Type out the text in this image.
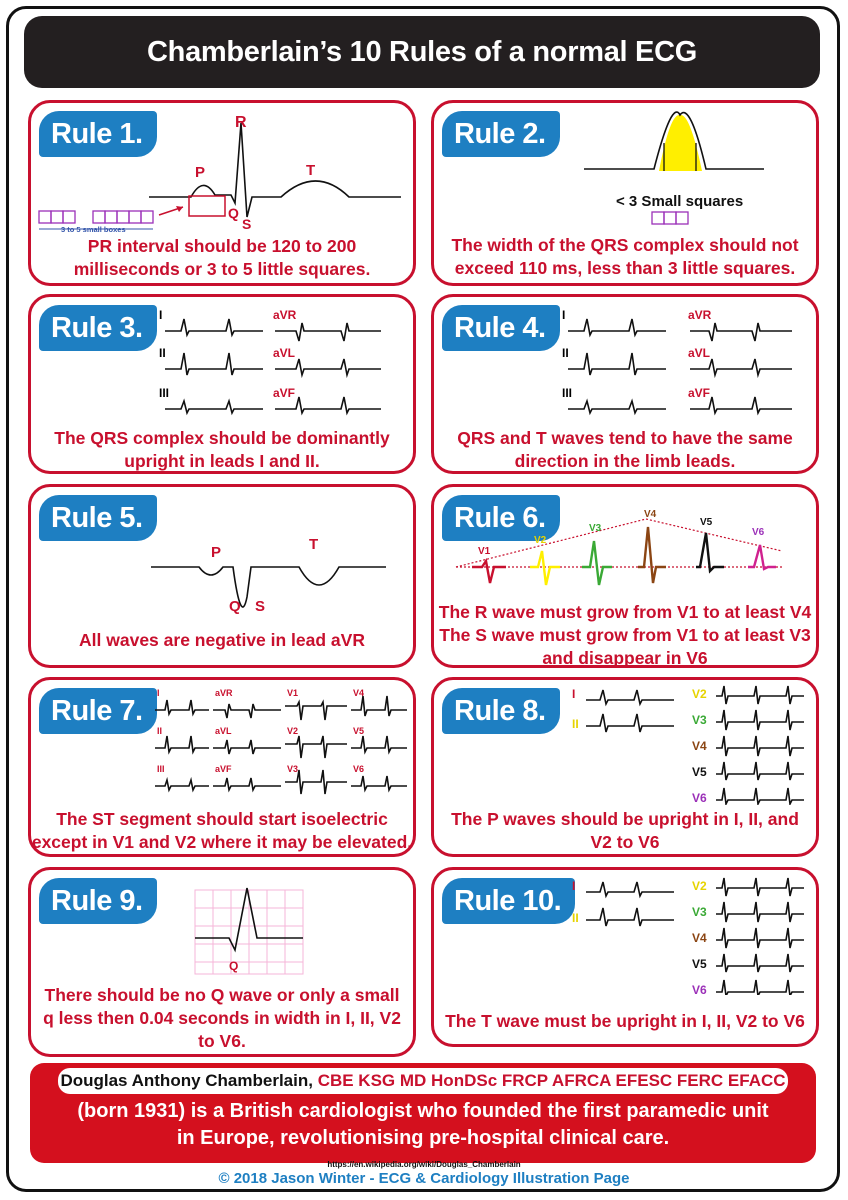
Chamberlain’s 10 Rules of a normal ECG
Rule 1.	R
P	T
Q
S
3 to 5 small boxes
PR interval should be 120 to 200
milliseconds or 3 to 5 little squares.
Rule 2.
< 3 Small squares
The width of the QRS complex should not
exceed 110 ms, less than 3 little squares.
Rule 3.	I
II
III
aVR
aVL
aVF
The QRS complex should be dominantly
upright in leads I and II.
Rule 4.	I
II
III
aVR
aVL
aVF
QRS and T waves tend to have the same
direction in the limb leads.
Rule 5.
P	T
Q S
All waves are negative in lead aVR
Rule 6.
V1
V2
V3
V4
V5
V6
The R wave must grow from V1 to at least V4
The S wave must grow from V1 to at least V3
and disappear in V6
Rule 7.
I
II
III
aVR
aVL
aVF
V1
V2
V3
V4
V5
V6
The ST segment should start isoelectric
except in V1 and V2 where it may be elevated.
Rule 8.
I
II
V2
V3
V4
V5
V6
The P waves should be upright in I, II, and
V2 to V6
Rule 9.
Q
There should be no Q wave or only a small
q less then 0.04 seconds in width in I, II, V2
to V6.
Rule 10. I
II
V2
V3
V4
V5
V6
The T wave must be upright in I, II, V2 to V6
Douglas Anthony Chamberlain, CBE KSG MD HonDSc FRCP AFRCA EFESC FERC EFACC
(born 1931) is a British cardiologist who founded the first paramedic unit
in Europe, revolutionising pre-hospital clinical care.
https://en.wikipedia.org/wiki/Douglas_Chamberlain
© 2018 Jason Winter - ECG & Cardiology Illustration Page
